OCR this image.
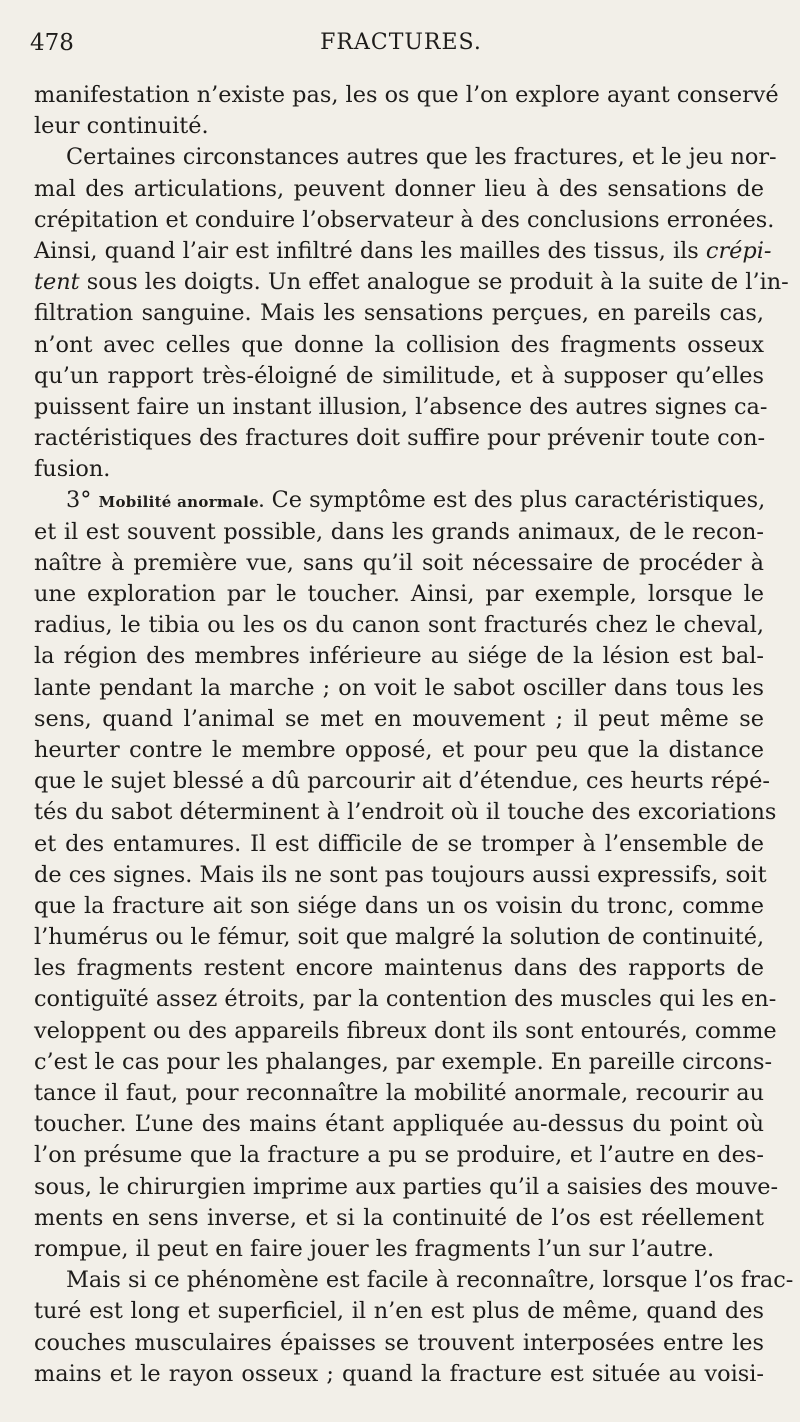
478	FRACTURES.
manifestation n’existe pas, les os que l’on explore ayant conservé
leur continuité.
Certaines circonstances autres que les fractures, et le jeu nor-
mal des articulations, peuvent donner lieu à des sensations de
crépitation et conduire l’observateur à des conclusions erronées.
Ainsi, quand l’air est infiltré dans les mailles des tissus, ils crépi-
tent sous les doigts. Un effet analogue se produit à la suite de l’in-
filtration sanguine. Mais les sensations perçues, en pareils cas,
n’ont avec celles que donne la collision des fragments osseux
qu’un rapport très-éloigné de similitude, et à supposer qu’elles
puissent faire un instant illusion, l’absence des autres signes ca-
ractéristiques des fractures doit suffire pour prévenir toute con-
fusion.
3° Mobilité anormale. Ce symptôme est des plus caractéristiques,
et il est souvent possible, dans les grands animaux, de le recon-
naître à première vue, sans qu’il soit nécessaire de procéder à
une exploration par le toucher. Ainsi, par exemple, lorsque le
radius, le tibia ou les os du canon sont fracturés chez le cheval,
la région des membres inférieure au siége de la lésion est bal-
lante pendant la marche ; on voit le sabot osciller dans tous les
sens, quand l’animal se met en mouvement ; il peut même se
heurter contre le membre opposé, et pour peu que la distance
que le sujet blessé a dû parcourir ait d’étendue, ces heurts répé-
tés du sabot déterminent à l’endroit où il touche des excoriations
et des entamures. Il est difficile de se tromper à l’ensemble de
de ces signes. Mais ils ne sont pas toujours aussi expressifs, soit
que la fracture ait son siége dans un os voisin du tronc, comme
l’humérus ou le fémur, soit que malgré la solution de continuité,
les fragments restent encore maintenus dans des rapports de
contiguïté assez étroits, par la contention des muscles qui les en-
veloppent ou des appareils fibreux dont ils sont entourés, comme
c’est le cas pour les phalanges, par exemple. En pareille circons-
tance il faut, pour reconnaître la mobilité anormale, recourir au
toucher. L’une des mains étant appliquée au-dessus du point où
l’on présume que la fracture a pu se produire, et l’autre en des-
sous, le chirurgien imprime aux parties qu’il a saisies des mouve-
ments en sens inverse, et si la continuité de l’os est réellement
rompue, il peut en faire jouer les fragments l’un sur l’autre.
Mais si ce phénomène est facile à reconnaître, lorsque l’os frac-
turé est long et superficiel, il n’en est plus de même, quand des
couches musculaires épaisses se trouvent interposées entre les
mains et le rayon osseux ; quand la fracture est située au voisi-
